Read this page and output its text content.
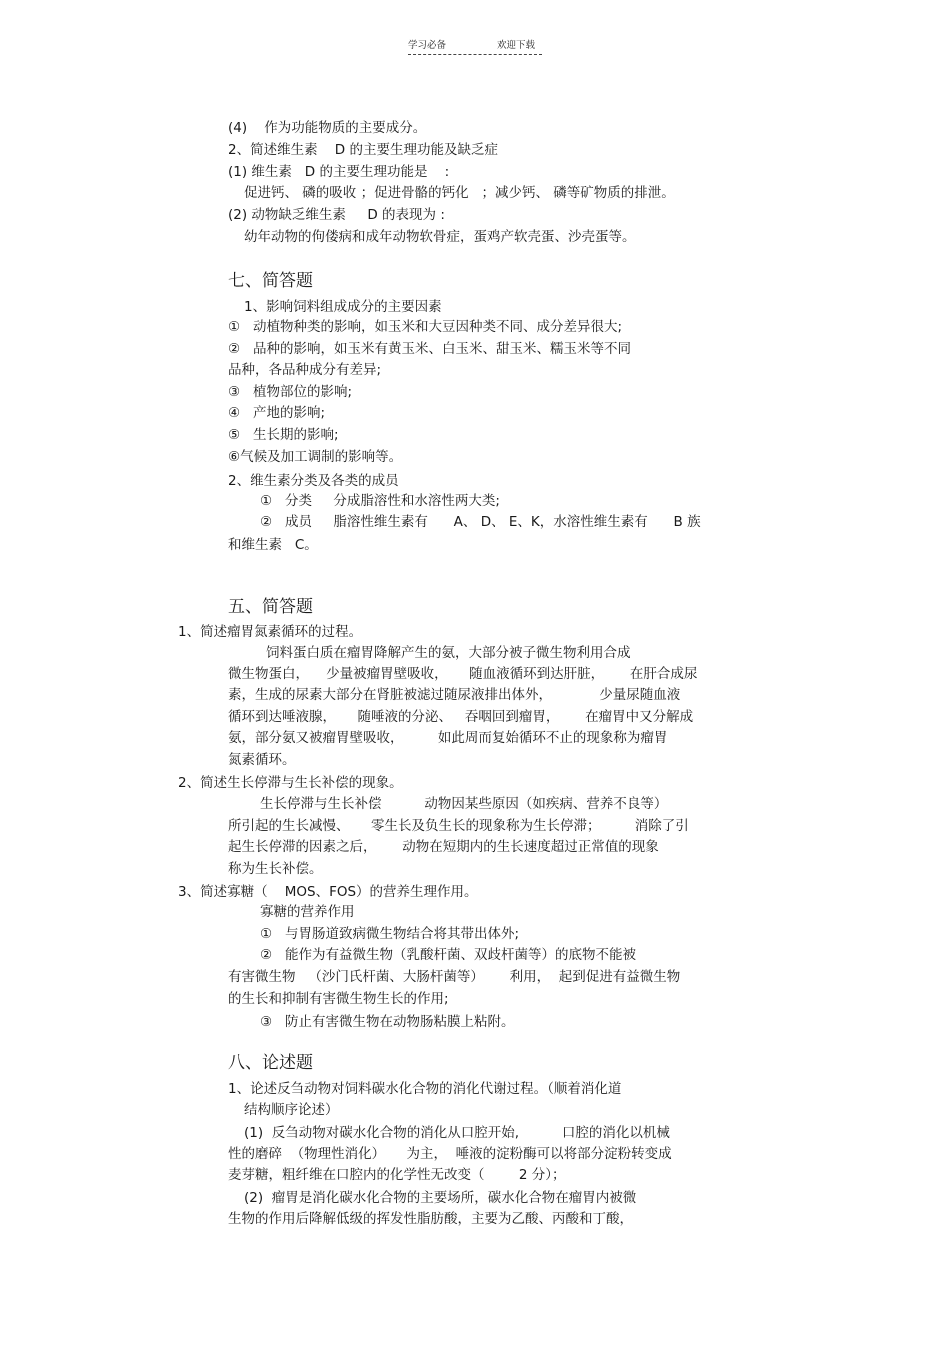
学习必备	欢迎下载
(4)    作为功能物质的主要成分。
2、简述维生素    D 的主要生理功能及缺乏症
(1) 维生素   D 的主要生理功能是    :
促进钙、 磷的吸收 ；促进骨骼的钙化   ；减少钙、 磷等矿物质的排泄。
(2) 动物缺乏维生素     D 的表现为 :
幼年动物的佝偻病和成年动物软骨症，蛋鸡产软壳蛋、沙壳蛋等。
七、简答题
1、影响饲料组成成分的主要因素
①   动植物种类的影响，如玉米和大豆因种类不同、成分差异很大;
②   品种的影响，如玉米有黄玉米、白玉米、甜玉米、糯玉米等不同
品种，各品种成分有差异;
③   植物部位的影响;
④   产地的影响;
⑤   生长期的影响;
⑥气候及加工调制的影响等。
2、维生素分类及各类的成员
①   分类     分成脂溶性和水溶性两大类;
②   成员     脂溶性维生素有      A、 D、 E、K，水溶性维生素有      B 族
和维生素   C。
五、简答题
1、简述瘤胃氮素循环的过程。
饲料蛋白质在瘤胃降解产生的氨，大部分被子微生物利用合成
微生物蛋白，    少量被瘤胃壁吸收，     随血液循环到达肝脏，      在肝合成尿
素，生成的尿素大部分在肾脏被滤过随尿液排出体外，           少量尿随血液
循环到达唾液腺，     随唾液的分泌、   吞咽回到瘤胃，      在瘤胃中又分解成
氨，部分氨又被瘤胃壁吸收，        如此周而复始循环不止的现象称为瘤胃
氮素循环。
2、简述生长停滞与生长补偿的现象。
生长停滞与生长补偿          动物因某些原因（如疾病、营养不良等）
所引起的生长减慢、     零生长及负生长的现象称为生长停滞；        消除了引
起生长停滞的因素之后，      动物在短期内的生长速度超过正常值的现象
称为生长补偿。
3、简述寡糖（    MOS、FOS）的营养生理作用。
寡糖的营养作用
①   与胃肠道致病微生物结合将其带出体外;
②   能作为有益微生物（乳酸杆菌、双歧杆菌等）的底物不能被
有害微生物   （沙门氏杆菌、大肠杆菌等）      利用，  起到促进有益微生物
的生长和抑制有害微生物生长的作用;
③   防止有害微生物在动物肠粘膜上粘附。
八、论述题
1、论述反刍动物对饲料碳水化合物的消化代谢过程。（顺着消化道
结构顺序论述）
(1)  反刍动物对碳水化合物的消化从口腔开始,          口腔的消化以机械
性的磨碎  （物理性消化）     为主，  唾液的淀粉酶可以将部分淀粉转变成
麦芽糖，粗纤维在口腔内的化学性无改变（        2 分）；
(2)  瘤胃是消化碳水化合物的主要场所，碳水化合物在瘤胃内被微
生物的作用后降解低级的挥发性脂肪酸，主要为乙酸、丙酸和丁酸，
